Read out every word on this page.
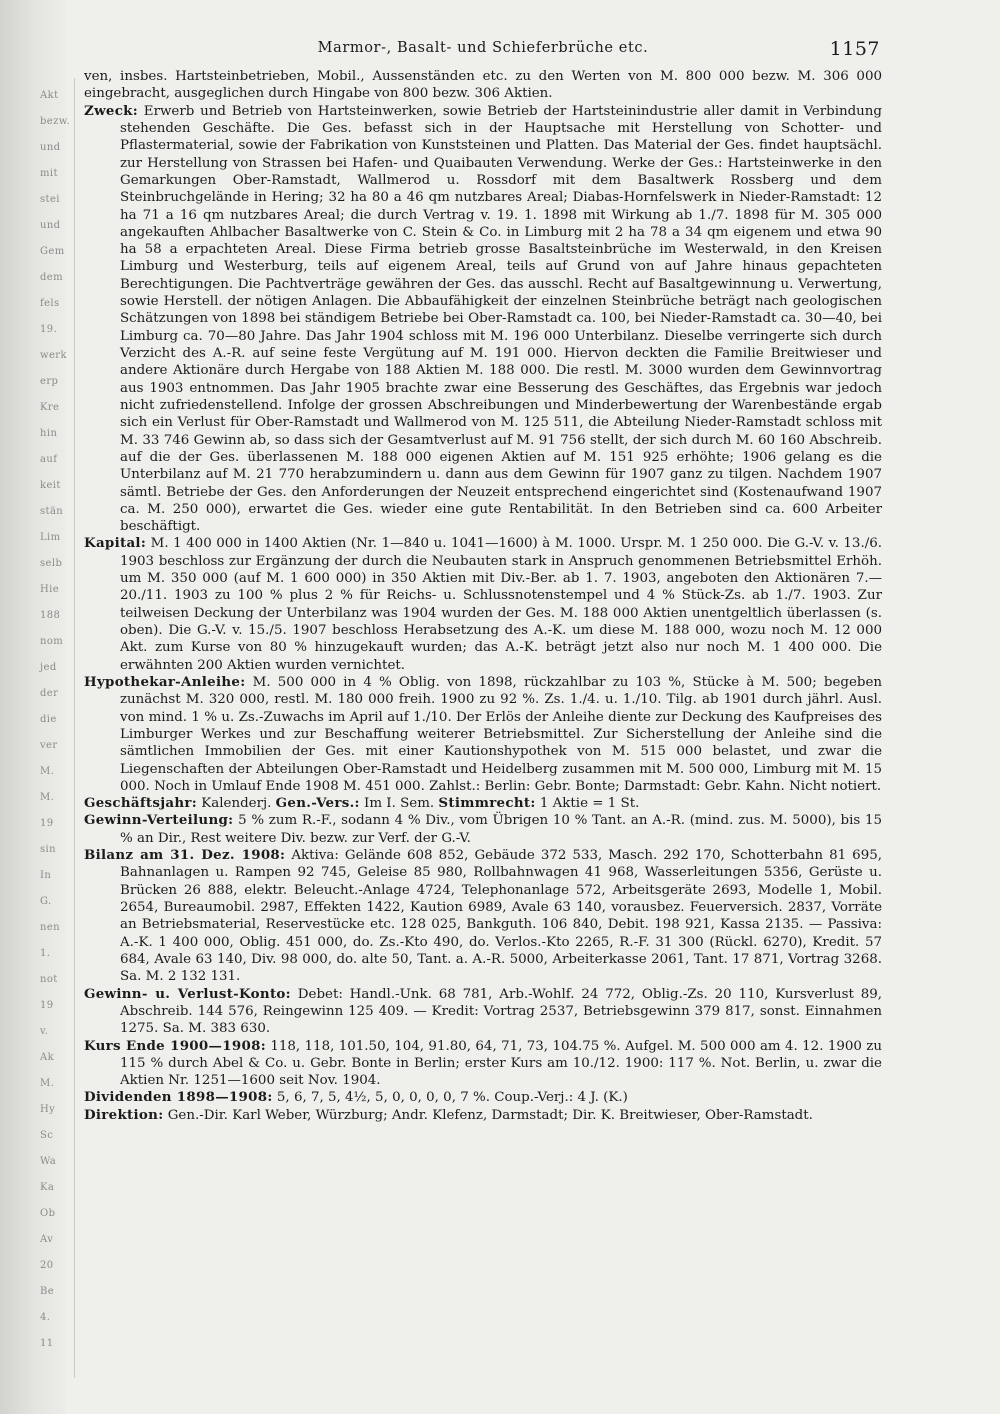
Akt
bezw.
und
mit
stei
und
Gem
dem
fels
19.
werk
erp
Kre
hin
auf
keit
stän
Lim
selb
Hie
188
nom
jed
der
die
ver
M.
M.
19
sin
In
G.
nen
1.
not
19
v.
Ak
M.
Hy
Sc
Wa
Ka
Ob
Av
20
Be
4.
11
Marmor-, Basalt- und Schieferbrüche etc.	1157

ven, insbes. Hartsteinbetrieben, Mobil., Aussenständen etc. zu den Werten von M. 800 000 bezw. M. 306 000 eingebracht, ausgeglichen durch Hingabe von 800 bezw. 306 Aktien.

Zweck: Erwerb und Betrieb von Hartsteinwerken, sowie Betrieb der Hartsteinindustrie aller damit in Verbindung stehenden Geschäfte. Die Ges. befasst sich in der Hauptsache mit Herstellung von Schotter- und Pflastermaterial, sowie der Fabrikation von Kunststeinen und Platten. Das Material der Ges. findet hauptsächl. zur Herstellung von Strassen bei Hafen- und Quaibauten Verwendung. Werke der Ges.: Hartsteinwerke in den Gemarkungen Ober-Ramstadt, Wallmerod u. Rossdorf mit dem Basaltwerk Rossberg und dem Steinbruchgelände in Hering; 32 ha 80 a 46 qm nutzbares Areal; Diabas-Hornfelswerk in Nieder-Ramstadt: 12 ha 71 a 16 qm nutzbares Areal; die durch Vertrag v. 19. 1. 1898 mit Wirkung ab 1./7. 1898 für M. 305 000 angekauften Ahlbacher Basaltwerke von C. Stein & Co. in Limburg mit 2 ha 78 a 34 qm eigenem und etwa 90 ha 58 a erpachteten Areal. Diese Firma betrieb grosse Basaltsteinbrüche im Westerwald, in den Kreisen Limburg und Westerburg, teils auf eigenem Areal, teils auf Grund von auf Jahre hinaus gepachteten Berechtigungen. Die Pachtverträge gewähren der Ges. das ausschl. Recht auf Basaltgewinnung u. Verwertung, sowie Herstell. der nötigen Anlagen. Die Abbaufähigkeit der einzelnen Steinbrüche beträgt nach geologischen Schätzungen von 1898 bei ständigem Betriebe bei Ober-Ramstadt ca. 100, bei Nieder-Ramstadt ca. 30—40, bei Limburg ca. 70—80 Jahre. Das Jahr 1904 schloss mit M. 196 000 Unterbilanz. Dieselbe verringerte sich durch Verzicht des A.-R. auf seine feste Vergütung auf M. 191 000. Hiervon deckten die Familie Breitwieser und andere Aktionäre durch Hergabe von 188 Aktien M. 188 000. Die restl. M. 3000 wurden dem Gewinnvortrag aus 1903 entnommen. Das Jahr 1905 brachte zwar eine Besserung des Geschäftes, das Ergebnis war jedoch nicht zufriedenstellend. Infolge der grossen Abschreibungen und Minderbewertung der Warenbestände ergab sich ein Verlust für Ober-Ramstadt und Wallmerod von M. 125 511, die Abteilung Nieder-Ramstadt schloss mit M. 33 746 Gewinn ab, so dass sich der Gesamtverlust auf M. 91 756 stellt, der sich durch M. 60 160 Abschreib. auf die der Ges. überlassenen M. 188 000 eigenen Aktien auf M. 151 925 erhöhte; 1906 gelang es die Unterbilanz auf M. 21 770 herabzumindern u. dann aus dem Gewinn für 1907 ganz zu tilgen. Nachdem 1907 sämtl. Betriebe der Ges. den Anforderungen der Neuzeit entsprechend eingerichtet sind (Kostenaufwand 1907 ca. M. 250 000), erwartet die Ges. wieder eine gute Rentabilität. In den Betrieben sind ca. 600 Arbeiter beschäftigt.

Kapital: M. 1 400 000 in 1400 Aktien (Nr. 1—840 u. 1041—1600) à M. 1000. Urspr. M. 1 250 000. Die G.-V. v. 13./6. 1903 beschloss zur Ergänzung der durch die Neubauten stark in Anspruch genommenen Betriebsmittel Erhöh. um M. 350 000 (auf M. 1 600 000) in 350 Aktien mit Div.-Ber. ab 1. 7. 1903, angeboten den Aktionären 7.—20./11. 1903 zu 100 % plus 2 % für Reichs- u. Schlussnotenstempel und 4 % Stück-Zs. ab 1./7. 1903. Zur teilweisen Deckung der Unterbilanz was 1904 wurden der Ges. M. 188 000 Aktien unentgeltlich überlassen (s. oben). Die G.-V. v. 15./5. 1907 beschloss Herabsetzung des A.-K. um diese M. 188 000, wozu noch M. 12 000 Akt. zum Kurse von 80 % hinzugekauft wurden; das A.-K. beträgt jetzt also nur noch M. 1 400 000. Die erwähnten 200 Aktien wurden vernichtet.

Hypothekar-Anleihe: M. 500 000 in 4 % Oblig. von 1898, rückzahlbar zu 103 %, Stücke à M. 500; begeben zunächst M. 320 000, restl. M. 180 000 freih. 1900 zu 92 %. Zs. 1./4. u. 1./10. Tilg. ab 1901 durch jährl. Ausl. von mind. 1 % u. Zs.-Zuwachs im April auf 1./10. Der Erlös der Anleihe diente zur Deckung des Kaufpreises des Limburger Werkes und zur Beschaffung weiterer Betriebsmittel. Zur Sicherstellung der Anleihe sind die sämtlichen Immobilien der Ges. mit einer Kautionshypothek von M. 515 000 belastet, und zwar die Liegenschaften der Abteilungen Ober-Ramstadt und Heidelberg zusammen mit M. 500 000, Limburg mit M. 15 000. Noch in Umlauf Ende 1908 M. 451 000. Zahlst.: Berlin: Gebr. Bonte; Darmstadt: Gebr. Kahn. Nicht notiert.

Geschäftsjahr: Kalenderj. Gen.-Vers.: Im I. Sem. Stimmrecht: 1 Aktie = 1 St.

Gewinn-Verteilung: 5 % zum R.-F., sodann 4 % Div., vom Übrigen 10 % Tant. an A.-R. (mind. zus. M. 5000), bis 15 % an Dir., Rest weitere Div. bezw. zur Verf. der G.-V.

Bilanz am 31. Dez. 1908: Aktiva: Gelände 608 852, Gebäude 372 533, Masch. 292 170, Schotterbahn 81 695, Bahnanlagen u. Rampen 92 745, Geleise 85 980, Rollbahnwagen 41 968, Wasserleitungen 5356, Gerüste u. Brücken 26 888, elektr. Beleucht.-Anlage 4724, Telephonanlage 572, Arbeitsgeräte 2693, Modelle 1, Mobil. 2654, Bureaumobil. 2987, Effekten 1422, Kaution 6989, Avale 63 140, vorausbez. Feuerversich. 2837, Vorräte an Betriebsmaterial, Reservestücke etc. 128 025, Bankguth. 106 840, Debit. 198 921, Kassa 2135. — Passiva: A.-K. 1 400 000, Oblig. 451 000, do. Zs.-Kto 490, do. Verlos.-Kto 2265, R.-F. 31 300 (Rückl. 6270), Kredit. 57 684, Avale 63 140, Div. 98 000, do. alte 50, Tant. a. A.-R. 5000, Arbeiterkasse 2061, Tant. 17 871, Vortrag 3268. Sa. M. 2 132 131.

Gewinn- u. Verlust-Konto: Debet: Handl.-Unk. 68 781, Arb.-Wohlf. 24 772, Oblig.-Zs. 20 110, Kursverlust 89, Abschreib. 144 576, Reingewinn 125 409. — Kredit: Vortrag 2537, Betriebsgewinn 379 817, sonst. Einnahmen 1275. Sa. M. 383 630.

Kurs Ende 1900—1908: 118, 118, 101.50, 104, 91.80, 64, 71, 73, 104.75 %. Aufgel. M. 500 000 am 4. 12. 1900 zu 115 % durch Abel & Co. u. Gebr. Bonte in Berlin; erster Kurs am 10./12. 1900: 117 %. Not. Berlin, u. zwar die Aktien Nr. 1251—1600 seit Nov. 1904.

Dividenden 1898—1908: 5, 6, 7, 5, 4½, 5, 0, 0, 0, 0, 7 %. Coup.-Verj.: 4 J. (K.)

Direktion: Gen.-Dir. Karl Weber, Würzburg; Andr. Klefenz, Darmstadt; Dir. K. Breitwieser, Ober-Ramstadt.
